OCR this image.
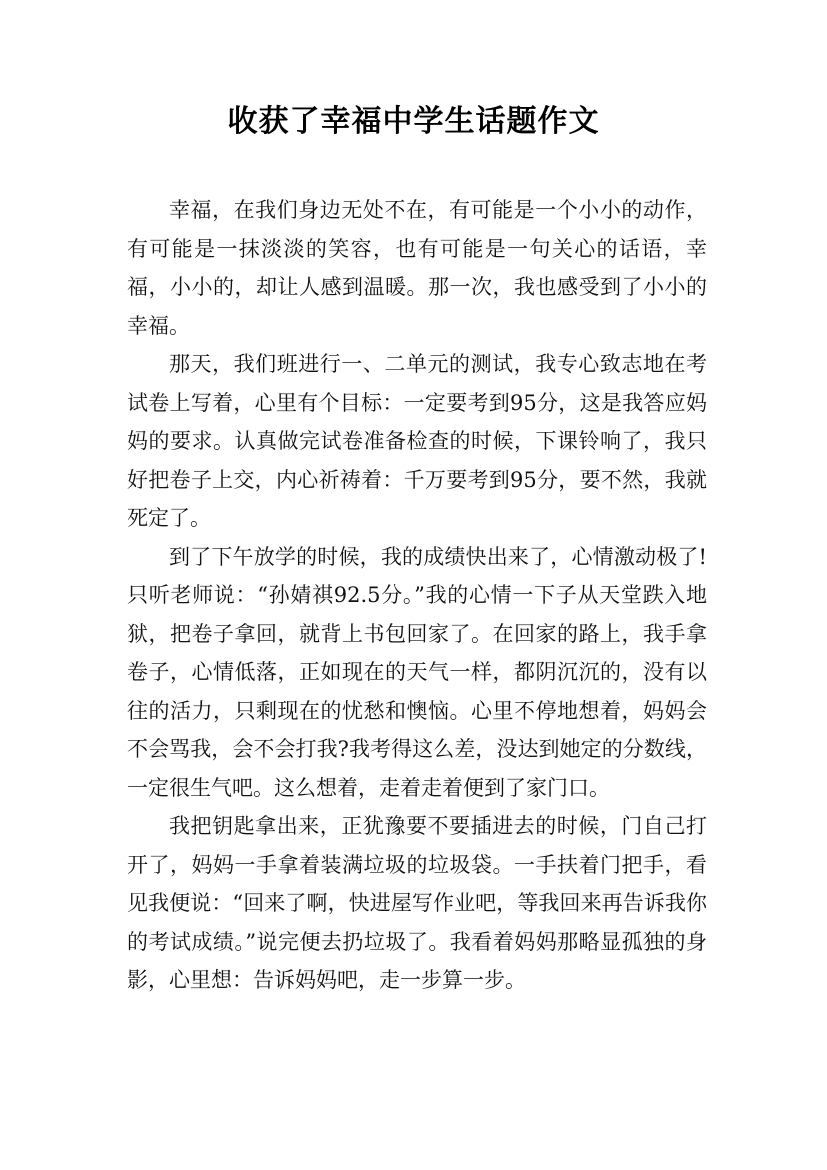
收获了幸福中学生话题作文

幸福，在我们身边无处不在，有可能是一个小小的动作，有可能是一抹淡淡的笑容，也有可能是一句关心的话语，幸福，小小的，却让人感到温暖。那一次，我也感受到了小小的幸福。

那天，我们班进行一、二单元的测试，我专心致志地在考试卷上写着，心里有个目标：一定要考到95分，这是我答应妈妈的要求。认真做完试卷准备检查的时候，下课铃响了，我只好把卷子上交，内心祈祷着：千万要考到95分，要不然，我就死定了。

到了下午放学的时候，我的成绩快出来了，心情激动极了!只听老师说：“孙婧祺92.5分。”我的心情一下子从天堂跌入地狱，把卷子拿回，就背上书包回家了。在回家的路上，我手拿卷子，心情低落，正如现在的天气一样，都阴沉沉的，没有以往的活力，只剩现在的忧愁和懊恼。心里不停地想着，妈妈会不会骂我，会不会打我?我考得这么差，没达到她定的分数线，一定很生气吧。这么想着，走着走着便到了家门口。

我把钥匙拿出来，正犹豫要不要插进去的时候，门自己打开了，妈妈一手拿着装满垃圾的垃圾袋。一手扶着门把手，看见我便说：“回来了啊，快进屋写作业吧，等我回来再告诉我你的考试成绩。”说完便去扔垃圾了。我看着妈妈那略显孤独的身影，心里想：告诉妈妈吧，走一步算一步。
